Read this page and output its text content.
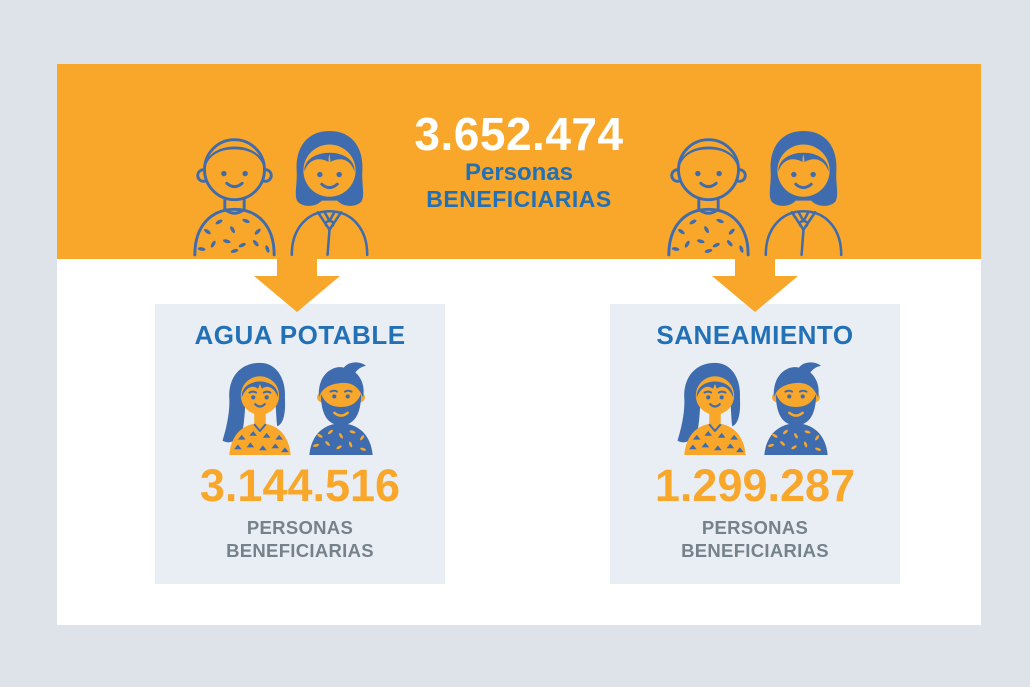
3.652.474
Personas
BENEFICIARIAS
AGUA POTABLE
3.144.516
PERSONAS
BENEFICIARIAS
SANEAMIENTO
1.299.287
PERSONAS
BENEFICIARIAS
